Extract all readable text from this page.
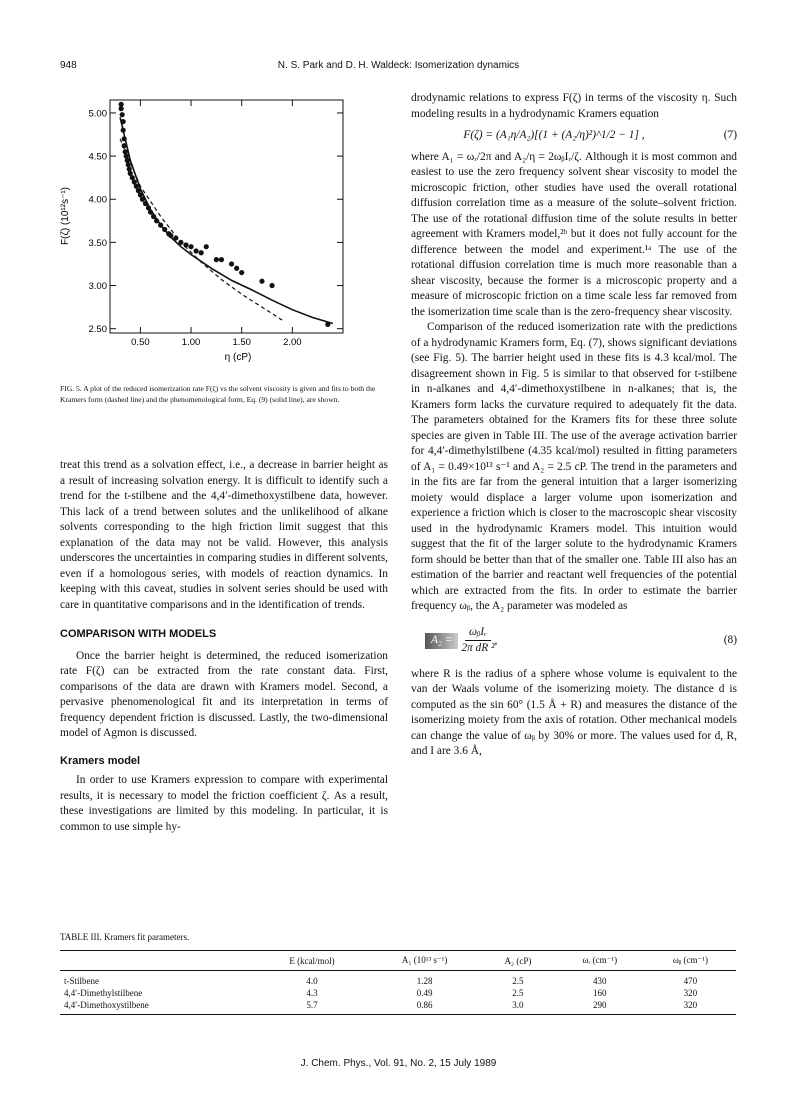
948	N. S. Park and D. H. Waldeck: Isomerization dynamics
0.50	1.00	1.50	2.00
2.50
3.00
3.50
4.00
4.50
5.00
F(ζ) (10¹²s⁻¹)
η (cP)
FIG. 5. A plot of the reduced isomerization rate F(ζ) vs the solvent viscosity is given and fits to both the Kramers form (dashed line) and the phenomenological form, Eq. (9) (solid line), are shown.

treat this trend as a solvation effect, i.e., a decrease in barrier height as a result of increasing solvation energy. It is difficult to identify such a trend for the t-stilbene and the 4,4′-dimethoxystilbene data, however. This lack of a trend between solutes and the unlikelihood of alkane solvents corresponding to the high friction limit suggest that this explanation of the data may not be valid. However, this analysis underscores the uncertainties in comparing studies in different solvents, even if a homologous series, with models of reaction dynamics. In keeping with this caveat, studies in solvent series should be used with care in quantitative comparisons and in the identification of trends.

COMPARISON WITH MODELS

Once the barrier height is determined, the reduced isomerization rate F(ζ) can be extracted from the rate constant data. First, comparisons of the data are drawn with Kramers model. Second, a pervasive phenomenological fit and its interpretation in terms of frequency dependent friction is discussed. Lastly, the two-dimensional model of Agmon is discussed.

Kramers model

In order to use Kramers expression to compare with experimental results, it is necessary to model the friction coefficient ζ. As a result, these investigations are limited by this modeling. In particular, it is common to use simple hy-

drodynamic relations to express F(ζ) in terms of the viscosity η. Such modeling results in a hydrodynamic Kramers equation

F(ζ) = (A₁η/A₂)[(1 + (A₂/η)²)^1/2 − 1] ,	(7)

where A₁ = ωᵣ/2π and A₂/η = 2ωᵦIᵣ/ζ. Although it is most common and easiest to use the zero frequency solvent shear viscosity to model the microscopic friction, other studies have used the overall rotational diffusion correlation time as a measure of the solute–solvent friction. The use of the rotational diffusion time of the solute results in better agreement with Kramers model,²ᵇ but it does not fully account for the difference between the model and experiment.¹ᵃ The use of the rotational diffusion correlation time is much more reasonable than a shear viscosity, because the former is a microscopic property and a measure of microscopic friction on a time scale less far removed from the isomerization time scale than is the zero-frequency shear viscosity.

Comparison of the reduced isomerization rate with the predictions of a hydrodynamic Kramers form, Eq. (7), shows significant deviations (see Fig. 5). The barrier height used in these fits is 4.3 kcal/mol. The disagreement shown in Fig. 5 is similar to that observed for t-stilbene in n-alkanes and 4,4′-dimethoxystilbene in n-alkanes; that is, the Kramers form lacks the curvature required to adequately fit the data. The parameters obtained for the Kramers fits for these three solute species are given in Table III. The use of the average activation barrier for 4,4′-dimethylstilbene (4.35 kcal/mol) resulted in fitting parameters of A₁ = 0.49×10¹³ s⁻¹ and A₂ = 2.5 cP. The trend in the parameters and in the fits are far from the general intuition that a larger isomerizing moiety would displace a larger volume upon isomerization and experience a friction which is closer to the macroscopic shear viscosity used in the hydrodynamic Kramers model. This intuition would suggest that the fit of the larger solute to the hydrodynamic Kramers form should be better than that of the smaller one. Table III also has an estimation of the barrier and reactant well frequencies of the potential which are extracted from the fits. In order to estimate the barrier frequency ωᵦ, the A₂ parameter was modeled as

$A_2 = \frac{\text{ωᵦIᵣ}}{\text{2π dR ²}}$ ,	(8)

where R is the radius of a sphere whose volume is equivalent to the van der Waals volume of the isomerizing moiety. The distance d is computed as the sin 60° (1.5 Å + R) and measures the distance of the isomerizing moiety from the axis of rotation. Other mechanical models can change the value of ωᵦ by 30% or more. The values used for d, R, and I are 3.6 Å,

TABLE III. Kramers fit parameters.
	E (kcal/mol)	A₁ (10¹³ s⁻¹)	A₂ (cP)	ωᵣ (cm⁻¹)	ωᵦ (cm⁻¹)
t-Stilbene	4.0	1.28	2.5	430	470
4,4′-Dimethylstilbene	4.3	0.49	2.5	160	320
4,4′-Dimethoxystilbene	5.7	0.86	3.0	290	320
J. Chem. Phys., Vol. 91, No. 2, 15 July 1989
